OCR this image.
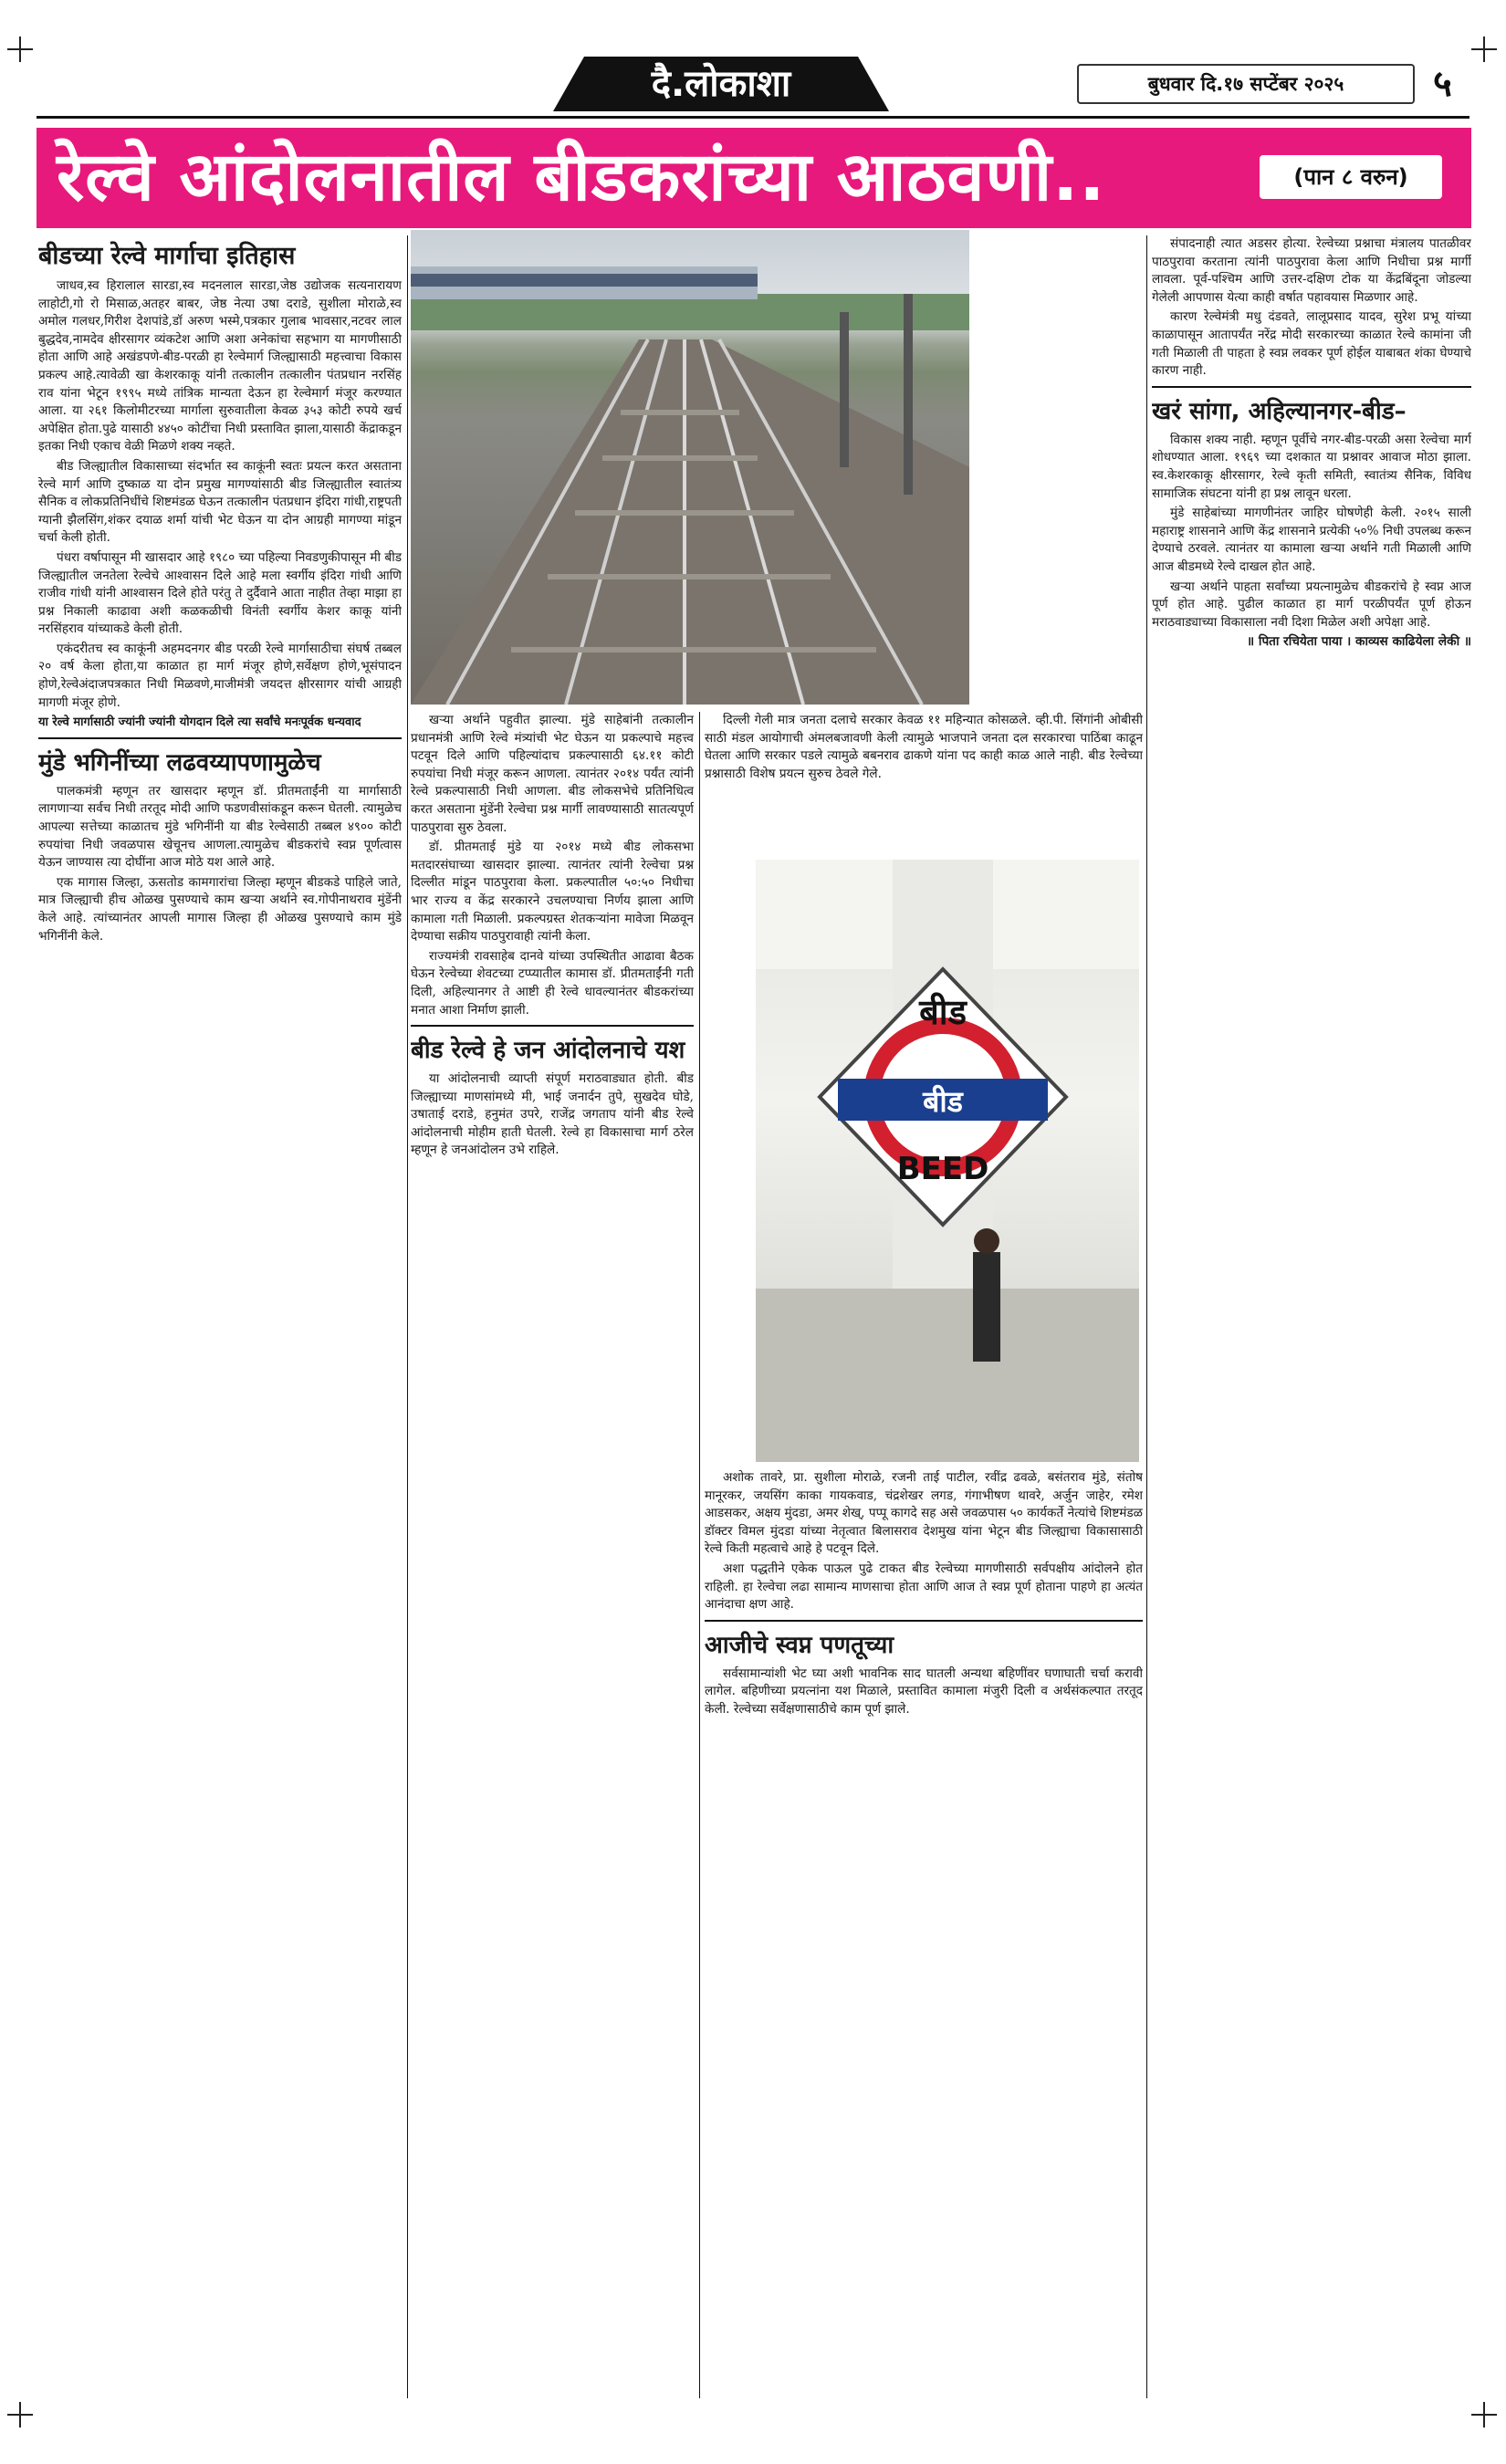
दै.लोकाशा	बुधवार दि.१७ सप्टेंबर २०२५	५
रेल्वे आंदोलनातील बीडकरांच्या आठवणी..	(पान ८ वरुन)
बीडच्या रेल्वे मार्गाचा इतिहास

जाधव,स्व हिरालाल सारडा,स्व मदनलाल सारडा,जेष्ठ उद्योजक सत्यनारायण लाहोटी,गो रो मिसाळ,अतहर बाबर, जेष्ठ नेत्या उषा दराडे, सुशीला मोराळे,स्व अमोल गलधर,गिरीश देशपांडे,डॉ अरुण भस्मे,पत्रकार गुलाब भावसार,नटवर लाल बुद्धदेव,नामदेव क्षीरसागर व्यंकटेश आणि अशा अनेकांचा सहभाग या मागणीसाठी होता आणि आहे अखंडपणे-बीड-परळी हा रेल्वेमार्ग जिल्ह्यासाठी महत्त्वाचा विकास प्रकल्प आहे.त्यावेळी खा केशरकाकू यांनी तत्कालीन तत्कालीन पंतप्रधान नरसिंह राव यांना भेटून १९९५ मध्ये तांत्रिक मान्यता देऊन हा रेल्वेमार्ग मंजूर करण्यात आला. या २६१ किलोमीटरच्या मार्गाला सुरुवातीला केवळ ३५३ कोटी रुपये खर्च अपेक्षित होता.पुढे यासाठी ४४५० कोटींचा निधी प्रस्तावित झाला,यासाठी केंद्राकडून इतका निधी एकाच वेळी मिळणे शक्य नव्हते.

बीड जिल्ह्यातील विकासाच्या संदर्भात स्व काकूंनी स्वतः प्रयत्न करत असताना रेल्वे मार्ग आणि दुष्काळ या दोन प्रमुख मागण्यांसाठी बीड जिल्ह्यातील स्वातंत्र्य सैनिक व लोकप्रतिनिधींचे शिष्टमंडळ घेऊन तत्कालीन पंतप्रधान इंदिरा गांधी,राष्ट्रपती ग्यानी झैलसिंग,शंकर दयाळ शर्मा यांची भेट घेऊन या दोन आग्रही मागण्या मांडून चर्चा केली होती.

पंधरा वर्षापासून मी खासदार आहे १९८० च्या पहिल्या निवडणुकीपासून मी बीड जिल्ह्यातील जनतेला रेल्वेचे आश्वासन दिले आहे मला स्वर्गीय इंदिरा गांधी आणि राजीव गांधी यांनी आश्वासन दिले होते परंतु ते दुर्दैवाने आता नाहीत तेव्हा माझा हा प्रश्न निकाली काढावा अशी कळकळीची विनंती स्वर्गीय केशर काकू यांनी नरसिंहराव यांच्याकडे केली होती.

एकंदरीतच स्व काकूंनी अहमदनगर बीड परळी रेल्वे मार्गासाठीचा संघर्ष तब्बल २० वर्ष केला होता,या काळात हा मार्ग मंजूर होणे,सर्वेक्षण होणे,भूसंपादन होणे,रेल्वेअंदाजपत्रकात निधी मिळवणे,माजीमंत्री जयदत्त क्षीरसागर यांची आग्रही मागणी मंजूर होणे.

या रेल्वे मार्गासाठी ज्यांनी ज्यांनी योगदान दिले त्या सर्वांचे मनःपूर्वक धन्यवाद

मुंडे भगिनींच्या लढवय्यापणामुळेच

पालकमंत्री म्हणून तर खासदार म्हणून डॉ. प्रीतमताईंनी या मार्गासाठी लागणाऱ्या सर्वच निधी तरतूद मोदी आणि फडणवीसांकडून करून घेतली. त्यामुळेच आपल्या सत्तेच्या काळातच मुंडे भगिनींनी या बीड रेल्वेसाठी तब्बल ४९०० कोटी रुपयांचा निधी जवळपास खेचूनच आणला.त्यामुळेच बीडकरांचे स्वप्न पूर्णत्वास येऊन जाण्यास त्या दोघींना आज मोठे यश आले आहे.

एक मागास जिल्हा, ऊसतोड कामगारांचा जिल्हा म्हणून बीडकडे पाहिले जाते, मात्र जिल्ह्याची हीच ओळख पुसण्याचे काम खऱ्या अर्थाने स्व.गोपीनाथराव मुंडेंनी केले आहे. त्यांच्यानंतर आपली मागास जिल्हा ही ओळख पुसण्याचे काम मुंडे भगिनींनी केले.

खऱ्या अर्थाने पहुवीत झाल्या. मुंडे साहेबांनी तत्कालीन प्रधानमंत्री आणि रेल्वे मंत्र्यांची भेट घेऊन या प्रकल्पाचे महत्त्व पटवून दिले आणि पहिल्यांदाच प्रकल्पासाठी ६४.११ कोटी रुपयांचा निधी मंजूर करून आणला. त्यानंतर २०१४ पर्यंत त्यांनी रेल्वे प्रकल्पासाठी निधी आणला. बीड लोकसभेचे प्रतिनिधित्व करत असताना मुंडेंनी रेल्वेचा प्रश्न मार्गी लावण्यासाठी सातत्यपूर्ण पाठपुरावा सुरु ठेवला.

डॉ. प्रीतमताई मुंडे या २०१४ मध्ये बीड लोकसभा मतदारसंघाच्या खासदार झाल्या. त्यानंतर त्यांनी रेल्वेचा प्रश्न दिल्लीत मांडून पाठपुरावा केला. प्रकल्पातील ५०:५० निधीचा भार राज्य व केंद्र सरकारने उचलण्याचा निर्णय झाला आणि कामाला गती मिळाली. प्रकल्पग्रस्त शेतकऱ्यांना मावेजा मिळवून देण्याचा सक्रीय पाठपुरावाही त्यांनी केला.

राज्यमंत्री रावसाहेब दानवे यांच्या उपस्थितीत आढावा बैठक घेऊन रेल्वेच्या शेवटच्या टप्प्यातील कामास डॉ. प्रीतमताईंनी गती दिली, अहिल्यानगर ते आष्टी ही रेल्वे धावल्यानंतर बीडकरांच्या मनात आशा निर्माण झाली.

बीड रेल्वे हे जन आंदोलनाचे यश

या आंदोलनाची व्याप्ती संपूर्ण मराठवाड्यात होती. बीड जिल्ह्याच्या माणसांमध्ये मी, भाई जनार्दन तुपे, सुखदेव घोडे, उषाताई दराडे, हनुमंत उपरे, राजेंद्र जगताप यांनी बीड रेल्वे आंदोलनाची मोहीम हाती घेतली. रेल्वे हा विकासाचा मार्ग ठरेल म्हणून हे जनआंदोलन उभे राहिले.

दिल्ली गेली मात्र जनता दलाचे सरकार केवळ ११ महिन्यात कोसळले. व्ही.पी. सिंगांनी ओबीसी साठी मंडल आयोगाची अंमलबजावणी केली त्यामुळे भाजपाने जनता दल सरकारचा पाठिंबा काढून घेतला आणि सरकार पडले त्यामुळे बबनराव ढाकणे यांना पद काही काळ आले नाही. बीड रेल्वेच्या प्रश्नासाठी विशेष प्रयत्न सुरुच ठेवले गेले.

बीड
बीड
BEED

अशोक तावरे, प्रा. सुशीला मोराळे, रजनी ताई पाटील, रवींद्र ढवळे, बसंतराव मुंडे, संतोष मानूरकर, जयसिंग काका गायकवाड, चंद्रशेखर लगड, गंगाभीषण थावरे, अर्जुन जाहेर, रमेश आडसकर, अक्षय मुंदडा, अमर शेख्, पप्पू कागदे सह असे जवळपास ५० कार्यकर्ते नेत्यांचे शिष्टमंडळ डॉक्टर विमल मुंदडा यांच्या नेतृत्वात बिलासराव देशमुख यांना भेटून बीड जिल्ह्याचा विकासासाठी रेल्वे किती महत्वाचे आहे हे पटवून दिले.

अशा पद्धतीने एकेक पाऊल पुढे टाकत बीड रेल्वेच्या मागणीसाठी सर्वपक्षीय आंदोलने होत राहिली. हा रेल्वेचा लढा सामान्य माणसाचा होता आणि आज ते स्वप्न पूर्ण होताना पाहणे हा अत्यंत आनंदाचा क्षण आहे.

आजीचे स्वप्न पणतूच्या

सर्वसामान्यांशी भेट घ्या अशी भावनिक साद घातली अन्यथा बहिणींवर घणाघाती चर्चा करावी लागेल. बहिणीच्या प्रयत्नांना यश मिळाले, प्रस्तावित कामाला मंजुरी दिली व अर्थसंकल्पात तरतूद केली. रेल्वेच्या सर्वेक्षणासाठीचे काम पूर्ण झाले.

संपादनाही त्यात अडसर होत्या. रेल्वेच्या प्रश्नाचा मंत्रालय पातळीवर पाठपुरावा करताना त्यांनी पाठपुरावा केला आणि निधीचा प्रश्न मार्गी लावला. पूर्व-पश्चिम आणि उत्तर-दक्षिण टोक या केंद्रबिंदूना जोडल्या गेलेली आपणास येत्या काही वर्षात पहावयास मिळणार आहे.

कारण रेल्वेमंत्री मधु दंडवते, लालूप्रसाद यादव, सुरेश प्रभू यांच्या काळापासून आतापर्यंत नरेंद्र मोदी सरकारच्या काळात रेल्वे कामांना जी गती मिळाली ती पाहता हे स्वप्न लवकर पूर्ण होईल याबाबत शंका घेण्याचे कारण नाही.

खरं सांगा, अहिल्यानगर-बीड–

विकास शक्य नाही. म्हणून पूर्वीचे नगर-बीड-परळी असा रेल्वेचा मार्ग शोधण्यात आला. १९६९ च्या दशकात या प्रश्नावर आवाज मोठा झाला. स्व.केशरकाकू क्षीरसागर, रेल्वे कृती समिती, स्वातंत्र्य सैनिक, विविध सामाजिक संघटना यांनी हा प्रश्न लावून धरला.

मुंडे साहेबांच्या मागणीनंतर जाहिर घोषणेही केली. २०१५ साली महाराष्ट्र शासनाने आणि केंद्र शासनाने प्रत्येकी ५०% निधी उपलब्ध करून देण्याचे ठरवले. त्यानंतर या कामाला खऱ्या अर्थाने गती मिळाली आणि आज बीडमध्ये रेल्वे दाखल होत आहे.

खऱ्या अर्थाने पाहता सर्वांच्या प्रयत्नामुळेच बीडकरांचे हे स्वप्न आज पूर्ण होत आहे. पुढील काळात हा मार्ग परळीपर्यंत पूर्ण होऊन मराठवाड्याच्या विकासाला नवी दिशा मिळेल अशी अपेक्षा आहे.

॥ पिता रचियेता पाया । काव्यस काढियेला लेकी ॥
